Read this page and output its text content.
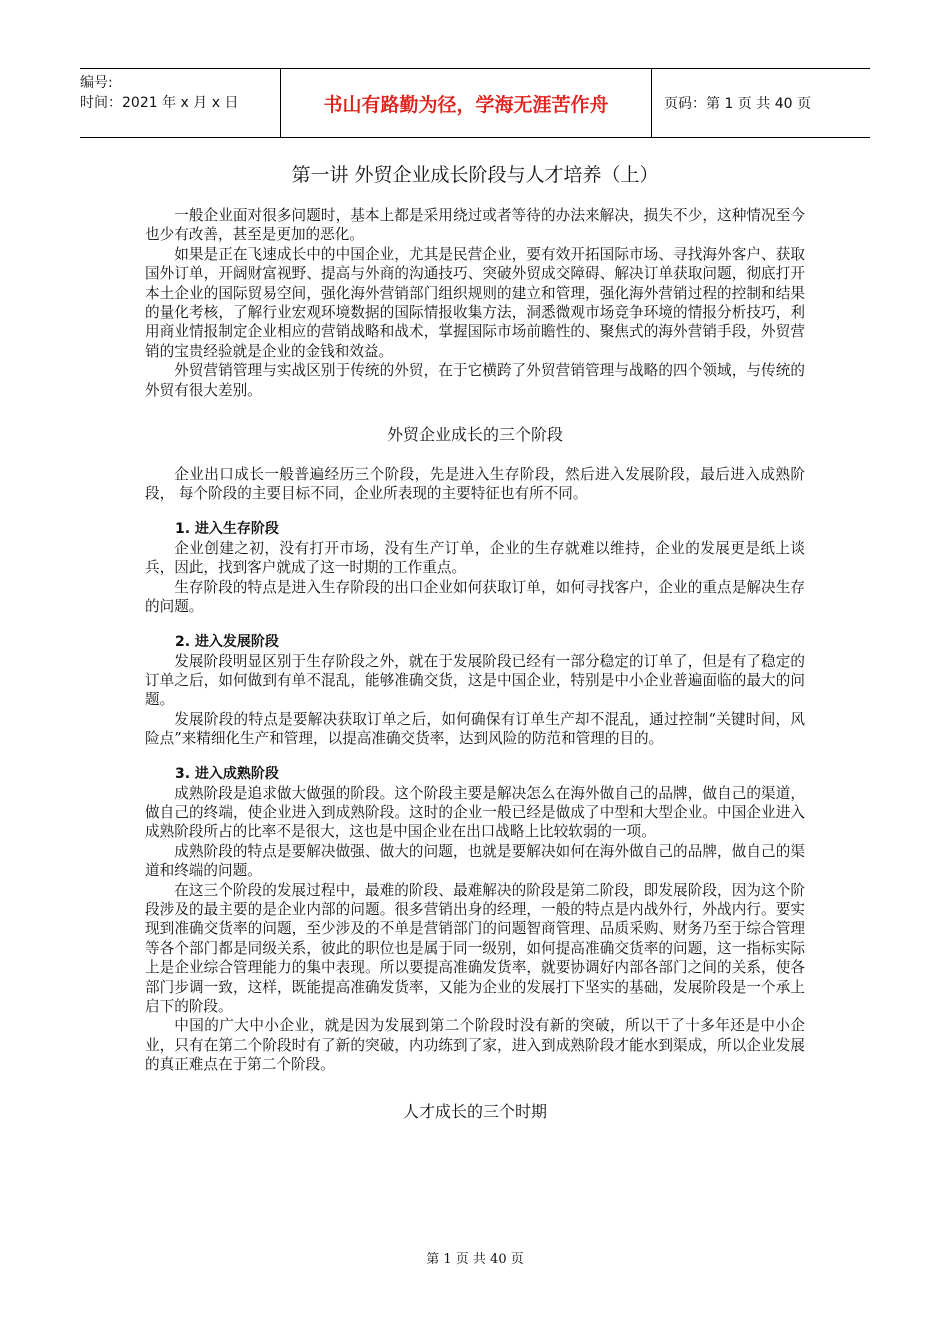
编号:
时间：2021 年 x 月 x 日	书山有路勤为径，学海无涯苦作舟	页码：第 1 页 共 40 页
第一讲 外贸企业成长阶段与人才培养（上）

一般企业面对很多问题时，基本上都是采用绕过或者等待的办法来解决，损失不少，这种情况至今也少有改善，甚至是更加的恶化。

如果是正在飞速成长中的中国企业，尤其是民营企业，要有效开拓国际市场、寻找海外客户、获取国外订单，开阔财富视野、提高与外商的沟通技巧、突破外贸成交障碍、解决订单获取问题，彻底打开本土企业的国际贸易空间，强化海外营销部门组织规则的建立和管理，强化海外营销过程的控制和结果的量化考核，了解行业宏观环境数据的国际情报收集方法，洞悉微观市场竞争环境的情报分析技巧，利用商业情报制定企业相应的营销战略和战术，掌握国际市场前瞻性的、聚焦式的海外营销手段，外贸营销的宝贵经验就是企业的金钱和效益。

外贸营销管理与实战区别于传统的外贸，在于它横跨了外贸营销管理与战略的四个领域，与传统的外贸有很大差别。

外贸企业成长的三个阶段

企业出口成长一般普遍经历三个阶段，先是进入生存阶段，然后进入发展阶段，最后进入成熟阶段， 每个阶段的主要目标不同，企业所表现的主要特征也有所不同。

1. 进入生存阶段

企业创建之初，没有打开市场，没有生产订单，企业的生存就难以维持，企业的发展更是纸上谈兵，因此，找到客户就成了这一时期的工作重点。

生存阶段的特点是进入生存阶段的出口企业如何获取订单，如何寻找客户，企业的重点是解决生存的问题。

2. 进入发展阶段

发展阶段明显区别于生存阶段之外，就在于发展阶段已经有一部分稳定的订单了，但是有了稳定的订单之后，如何做到有单不混乱，能够准确交货，这是中国企业，特别是中小企业普遍面临的最大的问题。

发展阶段的特点是要解决获取订单之后，如何确保有订单生产却不混乱，通过控制“关键时间，风险点”来精细化生产和管理，以提高准确交货率，达到风险的防范和管理的目的。

3. 进入成熟阶段

成熟阶段是追求做大做强的阶段。这个阶段主要是解决怎么在海外做自己的品牌，做自己的渠道，做自己的终端，使企业进入到成熟阶段。这时的企业一般已经是做成了中型和大型企业。中国企业进入成熟阶段所占的比率不是很大，这也是中国企业在出口战略上比较软弱的一项。

成熟阶段的特点是要解决做强、做大的问题，也就是要解决如何在海外做自己的品牌，做自己的渠道和终端的问题。

在这三个阶段的发展过程中，最难的阶段、最难解决的阶段是第二阶段，即发展阶段，因为这个阶段涉及的最主要的是企业内部的问题。很多营销出身的经理，一般的特点是内战外行，外战内行。要实现到准确交货率的问题，至少涉及的不单是营销部门的问题智商管理、品质采购、财务乃至于综合管理等各个部门都是同级关系，彼此的职位也是属于同一级别，如何提高准确交货率的问题，这一指标实际上是企业综合管理能力的集中表现。所以要提高准确发货率，就要协调好内部各部门之间的关系，使各部门步调一致，这样，既能提高准确发货率，又能为企业的发展打下坚实的基础，发展阶段是一个承上启下的阶段。

中国的广大中小企业，就是因为发展到第二个阶段时没有新的突破，所以干了十多年还是中小企业，只有在第二个阶段时有了新的突破，内功练到了家，进入到成熟阶段才能水到渠成，所以企业发展的真正难点在于第二个阶段。

人才成长的三个时期
第 1 页 共 40 页
